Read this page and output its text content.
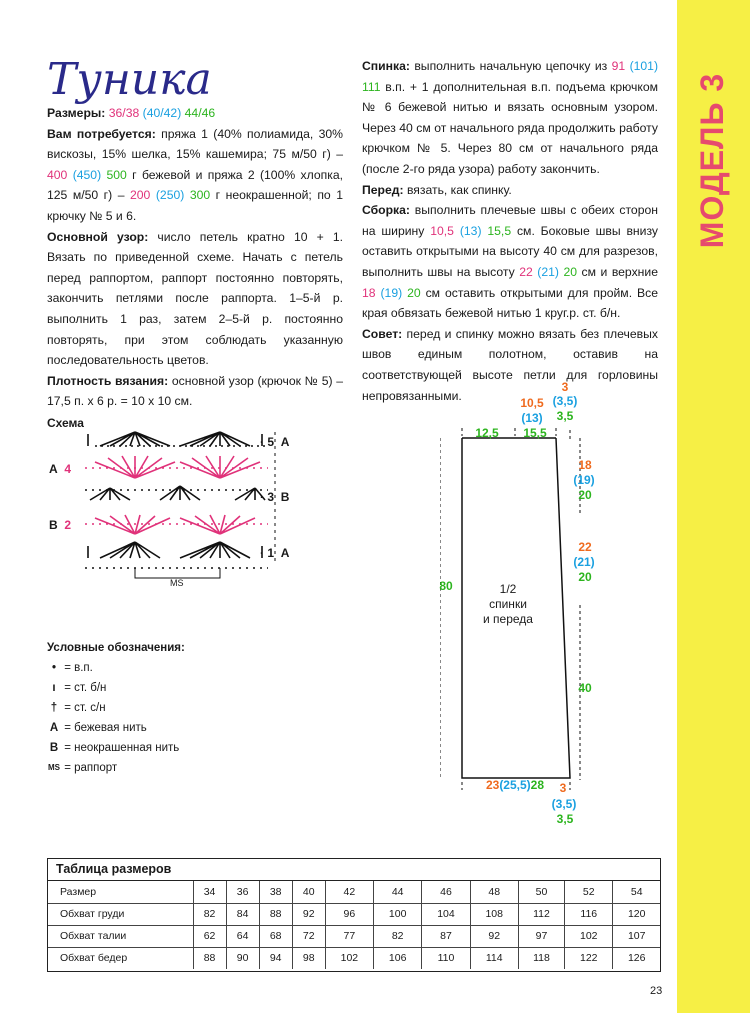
МОДЕЛЬ 3
Туника
Размеры: 36/38 (40/42) 44/46
Вам потребуется: пряжа 1 (40% полиамида, 30% вискозы, 15% шелка, 15% кашемира; 75 м/50 г) – 400 (450) 500 г бежевой и пряжа 2 (100% хлопка, 125 м/50 г) – 200 (250) 300 г неокрашенной; по 1 крючку № 5 и 6.
Основной узор: число петель кратно 10 + 1. Вязать по приведенной схеме. Начать с петель перед раппортом, раппорт постоянно повторять, закончить петлями после раппорта. 1–5-й р. выполнить 1 раз, затем 2–5-й р. постоянно повторять, при этом соблюдать указанную последовательность цветов.
Плотность вязания: основной узор (крючок № 5) – 17,5 п. х 6 р. = 10 х 10 см.
Спинка: выполнить начальную цепочку из 91 (101) 111 в.п. + 1 дополнительная в.п. подъема крючком № 6 бежевой нитью и вязать основным узором. Через 40 см от начального ряда продолжить работу крючком № 5. Через 80 см от начального ряда (после 2-го ряда узора) работу закончить.
Перед: вязать, как спинку.
Сборка: выполнить плечевые швы с обеих сторон на ширину 10,5 (13) 15,5 см. Боковые швы внизу оставить открытыми на высоту 40 см для разрезов, выполнить швы на высоту 22 (21) 20 см и верхние 18 (19) 20 см оставить открытыми для пройм. Все края обвязать бежевой нитью 1 круг.р. ст. б/н.
Совет: перед и спинку можно вязать без плечевых швов единым полотном, оставив на соответствующей высоте петли для горловины непровязанными.
Схема
· 5 А
· 3 В
· 1 А
А 4
В 2
MS
Условные обозначения:
•
= в.п.
ı
= ст. б/н
†
= ст. с/н
А
= бежевая нить
В
= неокрашенная нить
MS
= раппорт
3
(3,5)
3,5
10,5
(13)
12,5	15,5
18
(19)
20
22
(21)
20
40
80	1/2
спинки
и переда
23(25,5)28	3
(3,5)
3,5
Таблица размеров
Размер	34	36	38	40	42	44	46	48	50	52	54
Обхват груди	82	84	88	92	96	100	104	108	112	116	120
Обхват талии	62	64	68	72	77	82	87	92	97	102	107
Обхват бедер	88	90	94	98	102	106	110	114	118	122	126
23
